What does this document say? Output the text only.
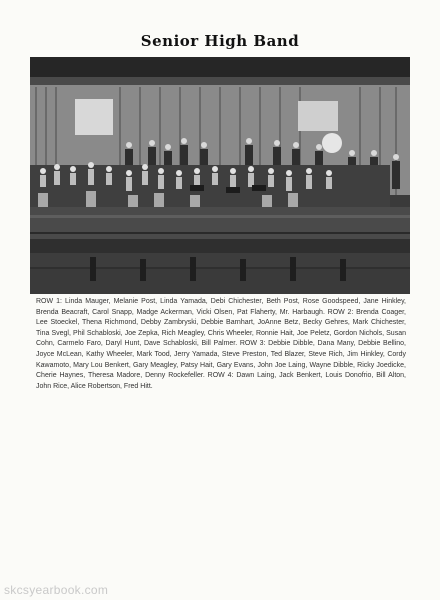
Senior High Band
ROW 1: Linda Mauger, Melanie Post, Linda Yamada, Debi Chichester, Beth Post, Rose Goodspeed, Jane Hinkley, Brenda Beacraft, Carol Snapp, Madge Ackerman, Vicki Olsen, Pat Flaherty, Mr. Harbaugh. ROW 2: Brenda Coager, Lee Stoeckel, Thena Richmond, Debby Zambryski, Debbie Barnhart, JoAnne Betz, Becky Gehres, Mark Chichester, Tina Svegl, Phil Schabloski, Joe Zepka, Rich Meagley, Chris Wheeler, Ronnie Hait, Joe Peletz, Gordon Nichols, Susan Cohn, Carmelo Faro, Daryl Hunt, Dave Schabloski, Bill Palmer. ROW 3: Debbie Dibble, Dana Many, Debbie Bellino, Joyce McLean, Kathy Wheeler, Mark Tood, Jerry Yamada, Steve Preston, Ted Blazer, Steve Rich, Jim Hinkley, Cordy Kawamoto, Mary Lou Benkert, Gary Meagley, Patsy Hait, Gary Evans, John Joe Laing, Wayne Dibble, Ricky Joedicke, Cherie Haynes, Theresa Madore, Denny Rockefeller. ROW 4: Dawn Laing, Jack Benkert, Louis Donofrio, Bill Alton, John Rice, Alice Robertson, Fred Hitt.
skcsyearbook.com
